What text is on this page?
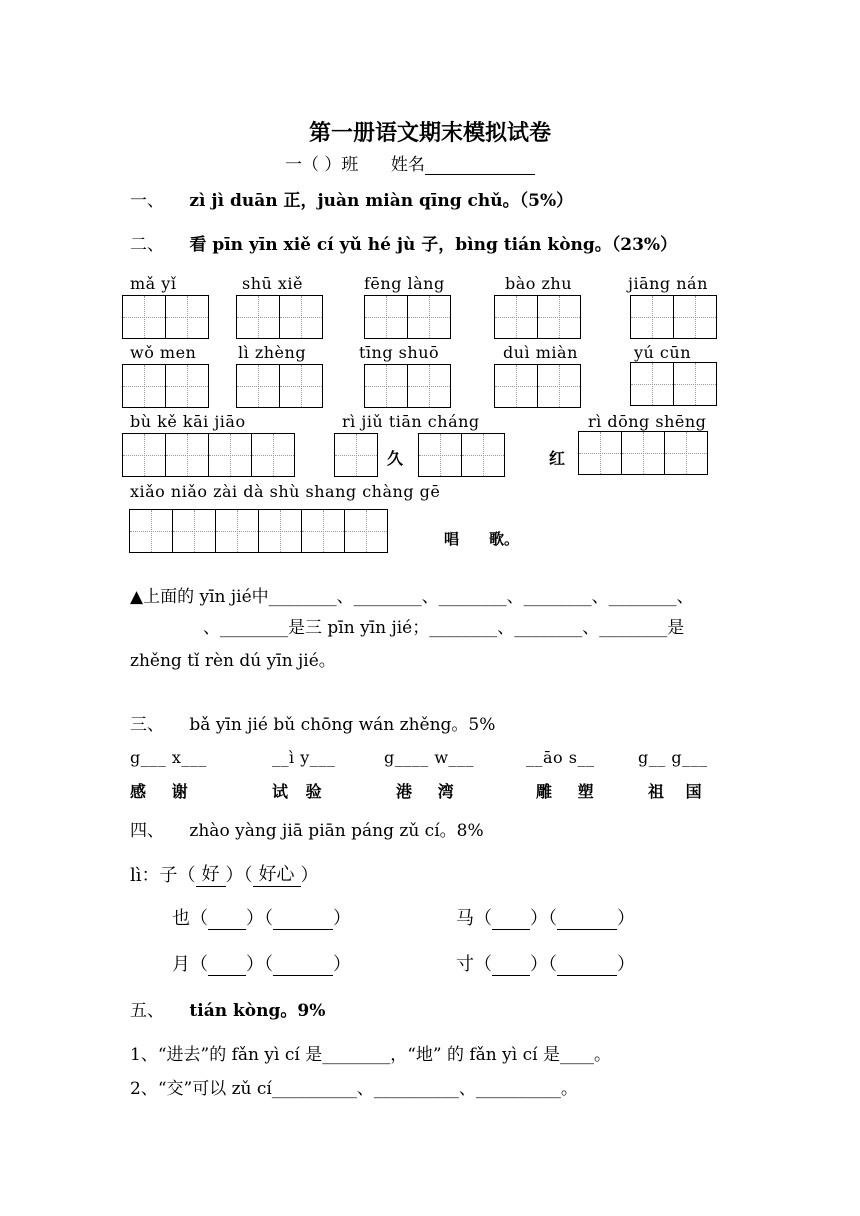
第一册语文期末模拟试卷
一（ ）班 姓名
一、 zì jì duān 正，juàn miàn qīng chǔ。（5%）
二、 看 pīn yīn xiě cí yǔ hé jù 子，bìng tián kòng。（23%）
mǎ yǐ	shū xiě	fēng làng	bào zhu	jiāng nán
wǒ men	lì zhèng	tīng shuō	duì miàn	yú cūn
bù kě kāi jiāo	rì jiǔ tiān cháng	rì dōng shēng
久	红
xiǎo niǎo zài dà shù shang chàng gē
唱　　歌。
▲上面的 yīn jié中________、________、________、________、________、
、________是三 pīn yīn jié；________、________、________是
zhěng tǐ rèn dú yīn jié。
三、 bǎ yīn jié bǔ chōng wán zhěng。5%
g___ x___	__ì y___	g____ w___	__āo s__	g__ g___
感 谢	试 验	港 湾	雕 塑	祖 国
四、 zhào yàng jiā piān páng zǔ cí。8%
lì：子（ 好 ）（ 好心 ）
也（ ）（	）	马（ ）（	）
月（ ）（	）	寸（ ）（	）
五、 tián kòng。9%
1、“进去”的 fǎn yì cí 是________，“地” 的 fǎn yì cí 是____。
2、“交”可以 zǔ cí__________、__________、__________。
